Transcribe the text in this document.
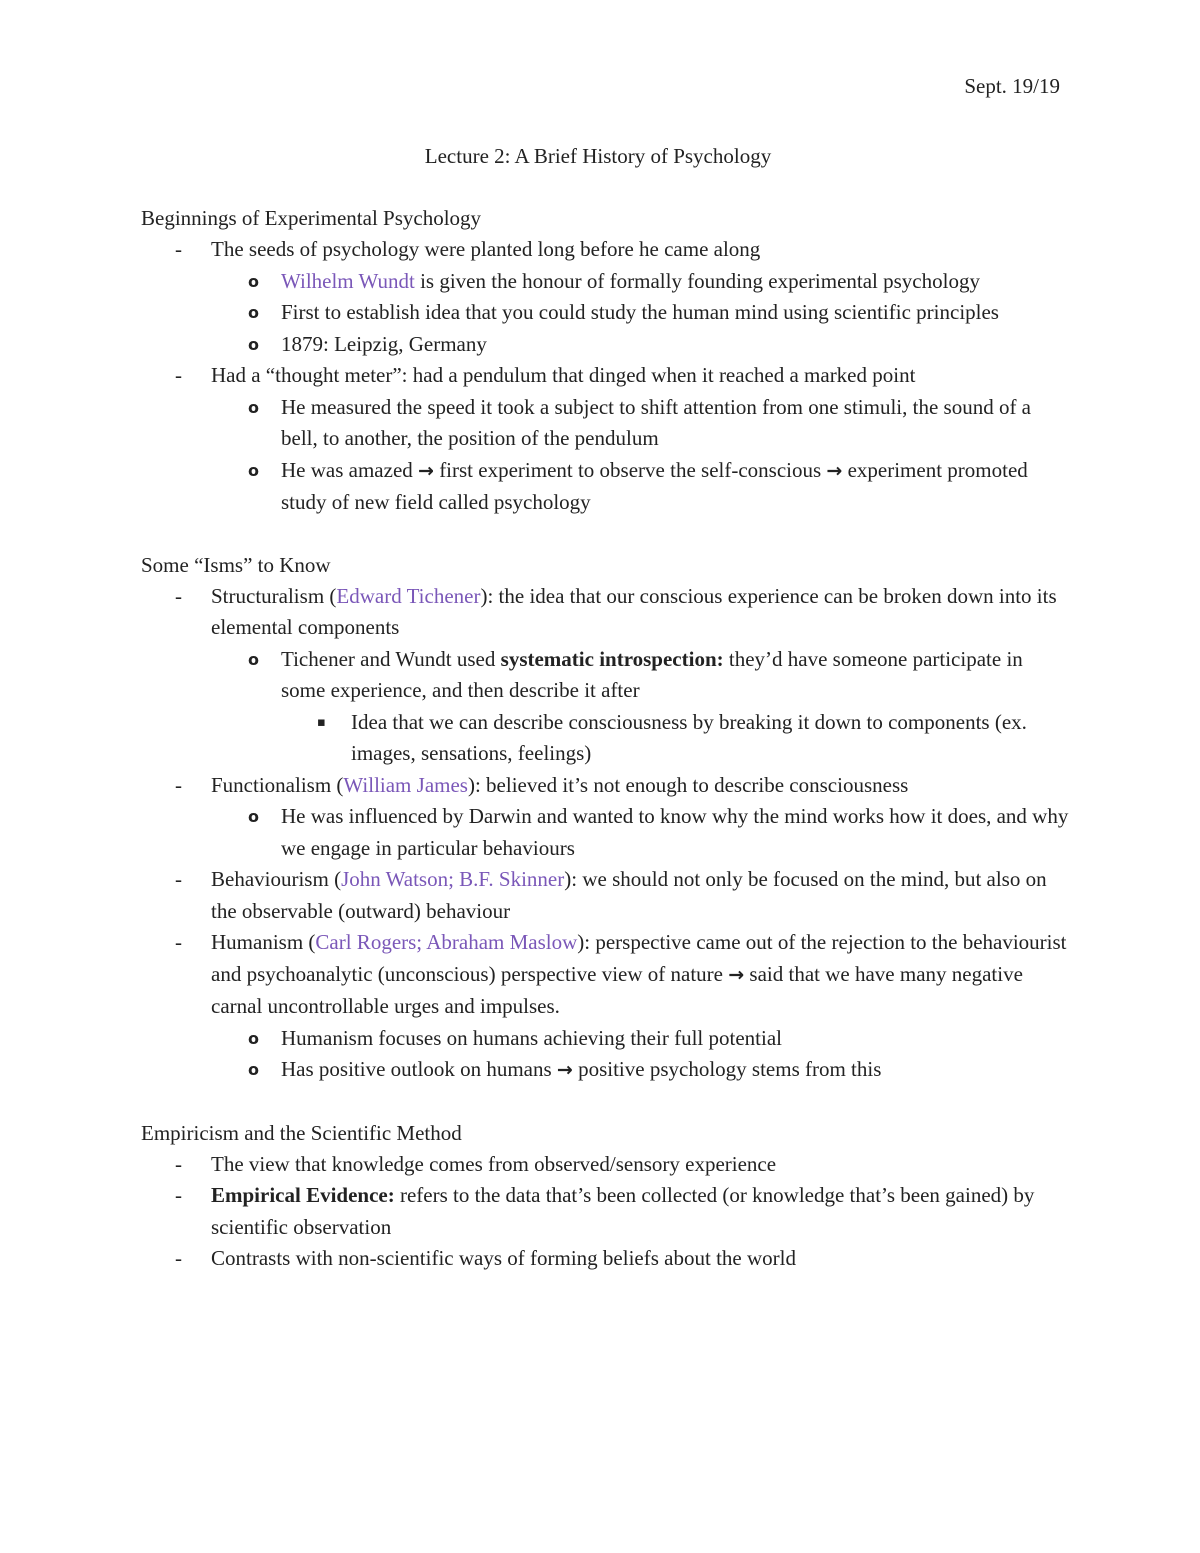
Sept. 19/19
Lecture 2: A Brief History of Psychology
Beginnings of Experimental Psychology
- The seeds of psychology were planted long before he came along
o Wilhelm Wundt is given the honour of formally founding experimental psychology
o First to establish idea that you could study the human mind using scientific principles
o 1879: Leipzig, Germany
- Had a “thought meter”: had a pendulum that dinged when it reached a marked point
o He measured the speed it took a subject to shift attention from one stimuli, the sound of a bell, to another, the position of the pendulum
o He was amazed → first experiment to observe the self-conscious → experiment promoted study of new field called psychology
Some “Isms” to Know
- Structuralism (Edward Tichener): the idea that our conscious experience can be broken down into its elemental components
o Tichener and Wundt used systematic introspection: they’d have someone participate in some experience, and then describe it after
▪ Idea that we can describe consciousness by breaking it down to components (ex. images, sensations, feelings)
- Functionalism (William James): believed it’s not enough to describe consciousness
o He was influenced by Darwin and wanted to know why the mind works how it does, and why we engage in particular behaviours
- Behaviourism (John Watson; B.F. Skinner): we should not only be focused on the mind, but also on the observable (outward) behaviour
- Humanism (Carl Rogers; Abraham Maslow): perspective came out of the rejection to the behaviourist and psychoanalytic (unconscious) perspective view of nature → said that we have many negative carnal uncontrollable urges and impulses.
o Humanism focuses on humans achieving their full potential
o Has positive outlook on humans → positive psychology stems from this
Empiricism and the Scientific Method
- The view that knowledge comes from observed/sensory experience
- Empirical Evidence: refers to the data that’s been collected (or knowledge that’s been gained) by scientific observation
- Contrasts with non-scientific ways of forming beliefs about the world
